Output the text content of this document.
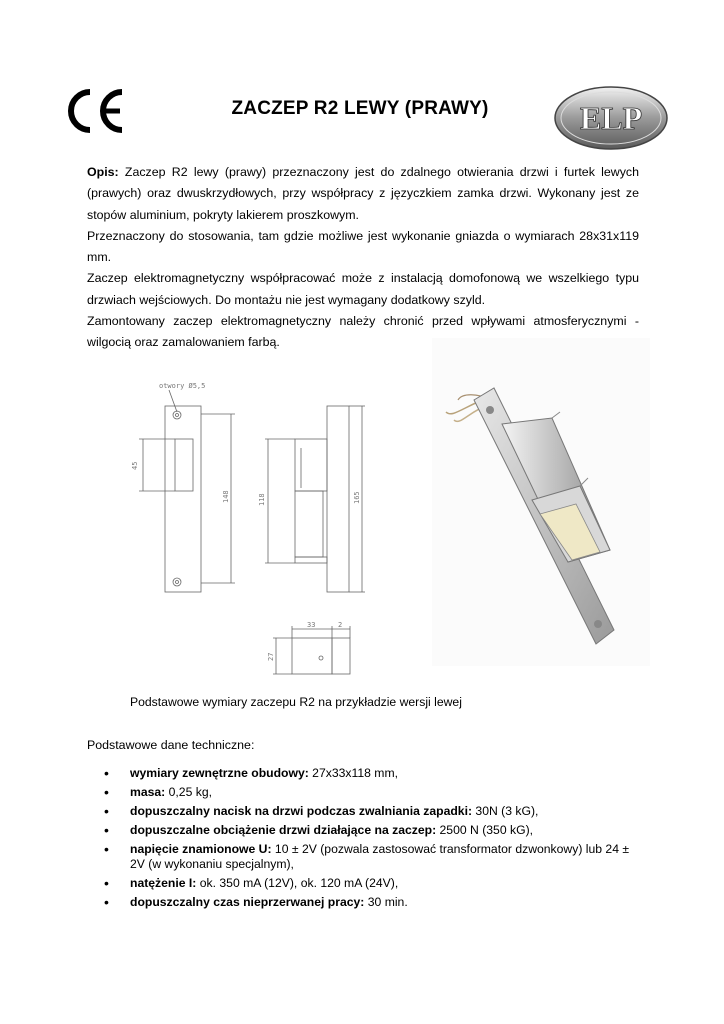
ZACZEP R2 LEWY (PRAWY)	ELP

Opis: Zaczep R2 lewy (prawy) przeznaczony jest do zdalnego otwierania drzwi i furtek lewych (prawych) oraz dwuskrzydłowych, przy współpracy z języczkiem zamka drzwi. Wykonany jest ze stopów aluminium, pokryty lakierem proszkowym.

Przeznaczony do stosowania, tam gdzie możliwe jest wykonanie gniazda o wymiarach 28x31x119 mm.

Zaczep elektromagnetyczny współpracować może z instalacją domofonową we wszelkiego typu drzwiach wejściowych. Do montażu nie jest wymagany dodatkowy szyld.

Zamontowany zaczep elektromagnetyczny należy chronić przed wpływami atmosferycznymi - wilgocią oraz zamalowaniem farbą.

otwory Ø5,5
45
148	118	165
33	2
27
Podstawowe wymiary zaczepu R2 na przykładzie wersji lewej
Podstawowe dane techniczne:
• wymiary zewnętrzne obudowy: 27x33x118 mm,
• masa: 0,25 kg,
• dopuszczalny nacisk na drzwi podczas zwalniania zapadki: 30N (3 kG),
• dopuszczalne obciążenie drzwi działające na zaczep: 2500 N (350 kG),
• napięcie znamionowe U: 10 ± 2V (pozwala zastosować transformator dzwonkowy) lub 24 ± 2V (w wykonaniu specjalnym),
• natężenie I: ok. 350 mA (12V), ok. 120 mA (24V),
• dopuszczalny czas nieprzerwanej pracy: 30 min.
